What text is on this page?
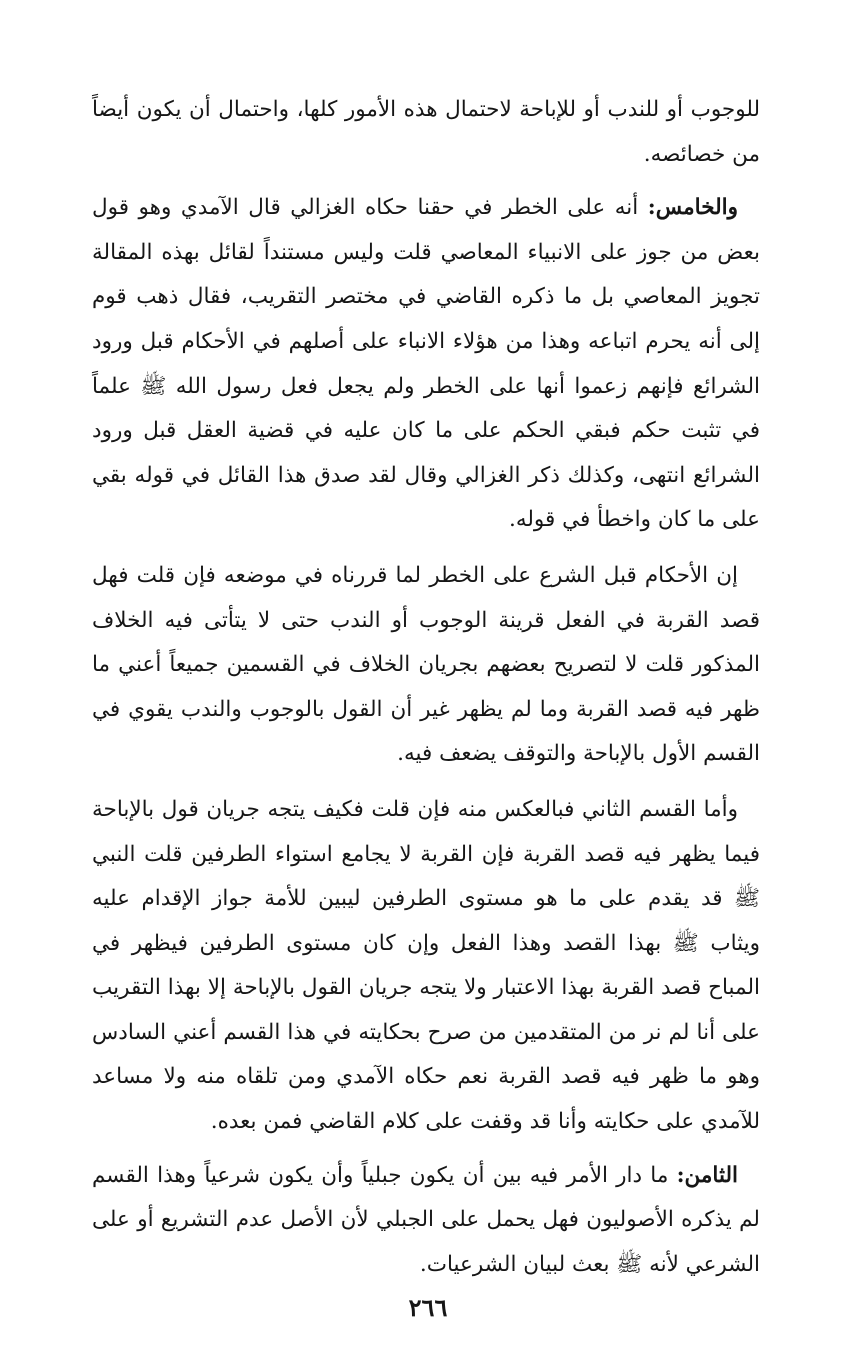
للوجوب أو للندب أو للإباحة لاحتمال هذه الأمور كلها، واحتمال أن يكون أيضاً من خصائصه.

والخامس: أنه على الخطر في حقنا حكاه الغزالي قال الآمدي وهو قول بعض من جوز على الانبياء المعاصي قلت وليس مستنداً لقائل بهذه المقالة تجويز المعاصي بل ما ذكره القاضي في مختصر التقريب، فقال ذهب قوم إلى أنه يحرم اتباعه وهذا من هؤلاء الانباء على أصلهم في الأحكام قبل ورود الشرائع فإنهم زعموا أنها على الخطر ولم يجعل فعل رسول الله ﷺ علماً في تثبت حكم فبقي الحكم على ما كان عليه في قضية العقل قبل ورود الشرائع انتهى، وكذلك ذكر الغزالي وقال لقد صدق هذا القائل في قوله بقي على ما كان واخطأ في قوله.

إن الأحكام قبل الشرع على الخطر لما قررناه في موضعه فإن قلت فهل قصد القربة في الفعل قرينة الوجوب أو الندب حتى لا يتأتى فيه الخلاف المذكور قلت لا لتصريح بعضهم بجريان الخلاف في القسمين جميعاً أعني ما ظهر فيه قصد القربة وما لم يظهر غير أن القول بالوجوب والندب يقوي في القسم الأول بالإباحة والتوقف يضعف فيه.

وأما القسم الثاني فبالعكس منه فإن قلت فكيف يتجه جريان قول بالإباحة فيما يظهر فيه قصد القربة فإن القربة لا يجامع استواء الطرفين قلت النبي ﷺ قد يقدم على ما هو مستوى الطرفين ليبين للأمة جواز الإقدام عليه ويثاب ﷺ بهذا القصد وهذا الفعل وإن كان مستوى الطرفين فيظهر في المباح قصد القربة بهذا الاعتبار ولا يتجه جريان القول بالإباحة إلا بهذا التقريب على أنا لم نر من المتقدمين من صرح بحكايته في هذا القسم أعني السادس وهو ما ظهر فيه قصد القربة نعم حكاه الآمدي ومن تلقاه منه ولا مساعد للآمدي على حكايته وأنا قد وقفت على كلام القاضي فمن بعده.

الثامن: ما دار الأمر فيه بين أن يكون جبلياً وأن يكون شرعياً وهذا القسم لم يذكره الأصوليون فهل يحمل على الجبلي لأن الأصل عدم التشريع أو على الشرعي لأنه ﷺ بعث لبيان الشرعيات.

٢٦٦
